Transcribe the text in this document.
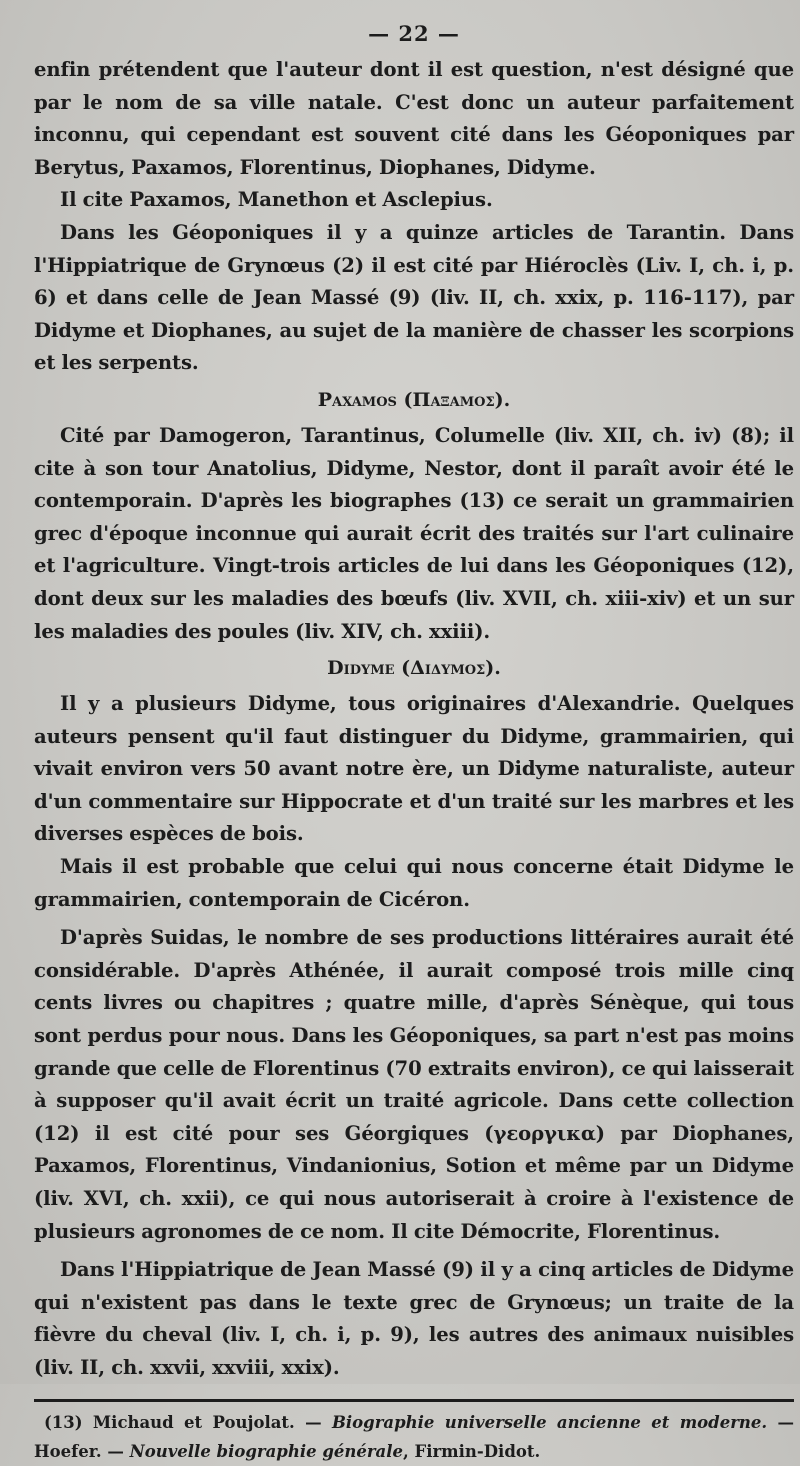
— 22 —

enfin prétendent que l'auteur dont il est question, n'est désigné que par le nom de sa ville natale. C'est donc un auteur parfaitement inconnu, qui cependant est souvent cité dans les Géoponiques par Berytus, Paxamos, Florentinus, Diophanes, Didyme.

Il cite Paxamos, Manethon et Asclepius.

Dans les Géoponiques il y a quinze articles de Tarantin. Dans l'Hippiatrique de Grynœus (2) il est cité par Hiéroclès (Liv. I, ch. i, p. 6) et dans celle de Jean Massé (9) (liv. II, ch. xxix, p. 116-117), par Didyme et Diophanes, au sujet de la manière de chasser les scorpions et les serpents.

Paxamos (Παξαμος).

Cité par Damogeron, Tarantinus, Columelle (liv. XII, ch. iv) (8); il cite à son tour Anatolius, Didyme, Nestor, dont il paraît avoir été le contemporain. D'après les biographes (13) ce serait un grammairien grec d'époque inconnue qui aurait écrit des traités sur l'art culinaire et l'agriculture. Vingt-trois articles de lui dans les Géoponiques (12), dont deux sur les maladies des bœufs (liv. XVII, ch. xiii-xiv) et un sur les maladies des poules (liv. XIV, ch. xxiii).

Didyme (Διδυμος).

Il y a plusieurs Didyme, tous originaires d'Alexandrie. Quelques auteurs pensent qu'il faut distinguer du Didyme, grammairien, qui vivait environ vers 50 avant notre ère, un Didyme naturaliste, auteur d'un commentaire sur Hippocrate et d'un traité sur les marbres et les diverses espèces de bois.

Mais il est probable que celui qui nous concerne était Didyme le grammairien, contemporain de Cicéron.

D'après Suidas, le nombre de ses productions littéraires aurait été considérable. D'après Athénée, il aurait composé trois mille cinq cents livres ou chapitres ; quatre mille, d'après Sénèque, qui tous sont perdus pour nous. Dans les Géoponiques, sa part n'est pas moins grande que celle de Florentinus (70 extraits environ), ce qui laisserait à supposer qu'il avait écrit un traité agricole. Dans cette collection (12) il est cité pour ses Géorgiques (γεοργικα) par Diophanes, Paxamos, Florentinus, Vindanionius, Sotion et même par un Didyme (liv. XVI, ch. xxii), ce qui nous autoriserait à croire à l'existence de plusieurs agronomes de ce nom. Il cite Démocrite, Florentinus.

Dans l'Hippiatrique de Jean Massé (9) il y a cinq articles de Didyme qui n'existent pas dans le texte grec de Grynœus; un traite de la fièvre du cheval (liv. I, ch. i, p. 9), les autres des animaux nuisibles (liv. II, ch. xxvii, xxviii, xxix).

(13) Michaud et Poujolat. — Biographie universelle ancienne et moderne. — Hoefer. — Nouvelle biographie générale, Firmin-Didot.
